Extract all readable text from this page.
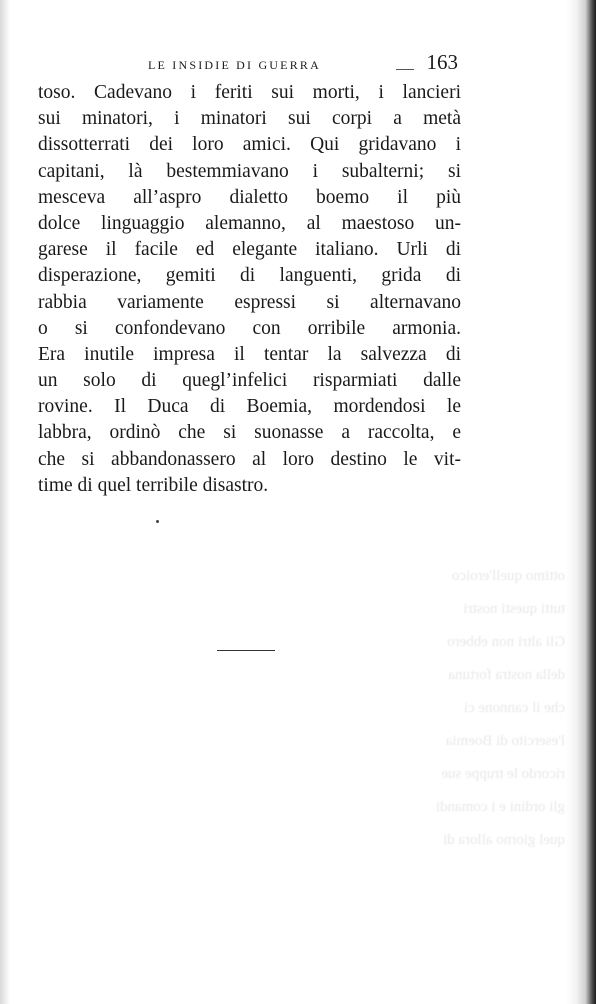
ottimo quell'eroico
tutti questi nostri
Gli altri non ebbero
della nostra fortuna
che il cannone ci
l'esercito di Boemia
ricordo le truppe sue
gli ordini e i comandi
quel giorno allora di
LE INSIDIE DI GUERRA	163
toso. Cadevano i feriti sui morti, i lancieri
sui minatori, i minatori sui corpi a metà
dissotterrati dei loro amici. Qui gridavano i
capitani, là bestemmiavano i subalterni; si
mesceva all’aspro dialetto boemo il più
dolce linguaggio alemanno, al maestoso un-
garese il facile ed elegante italiano. Urli di
disperazione, gemiti di languenti, grida di
rabbia variamente espressi si alternavano
o si confondevano con orribile armonia.
Era inutile impresa il tentar la salvezza di
un solo di quegl’infelici risparmiati dalle
rovine. Il Duca di Boemia, mordendosi le
labbra, ordinò che si suonasse a raccolta, e
che si abbandonassero al loro destino le vit-
time di quel terribile disastro.
